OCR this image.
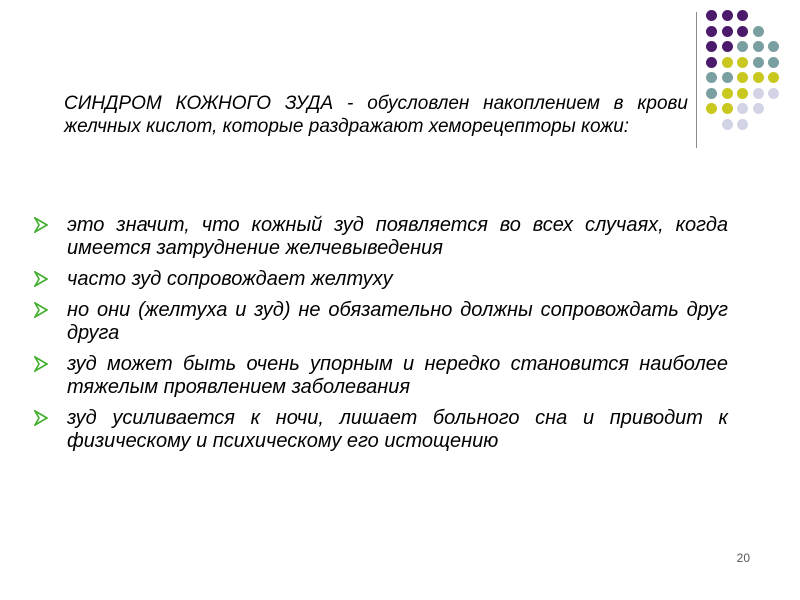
СИНДРОМ КОЖНОГО ЗУДА - обусловлен накоплением в крови желчных кислот, которые раздражают хеморецепторы кожи:
это значит, что кожный зуд появляется во всех случаях, когда имеется затруднение желчевыведения
часто зуд сопровождает желтуху
но они (желтуха и зуд) не обязательно должны сопровождать друг друга
зуд может быть очень упорным и нередко становится наиболее тяжелым проявлением заболевания
зуд усиливается к ночи, лишает больного сна и приводит к физическому и психическому его истощению
20
